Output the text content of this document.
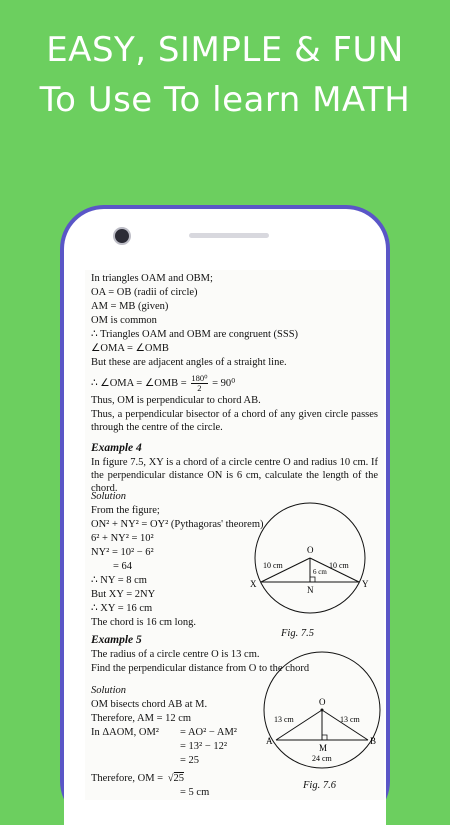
EASY, SIMPLE & FUN
To Use To learn MATH
In triangles OAM and OBM;
OA = OB (radii of circle)
AM = MB (given)
OM is common
∴ Triangles OAM and OBM are congruent (SSS)
∠OMA = ∠OMB
But these are adjacent angles of a straight line.
∴ ∠OMA = ∠OMB = $\frac{\text{180⁰}}{2} = 90^0$
Thus, OM is perpendicular to chord AB.
Thus, a perpendicular bisector of a chord of any given circle passes through the centre of the circle.
Example 4
In figure 7.5, XY is a chord of a circle centre O and radius 10 cm. If the perpendicular distance ON is 6 cm, calculate the length of the chord.
Solution
From the figure;
ON² + NY² = OY² (Pythagoras' theorem)
6² + NY² = 10²
NY² = 10² − 6²
= 64
∴ NY = 8 cm
But XY = 2NY
∴ XY = 16 cm
The chord is 16 cm long.
O
X	Y
N
10 cm	10 cm
6 cm
Fig. 7.5
Example 5
The radius of a circle centre O is 13 cm.
Find the perpendicular distance from O to the chord
Solution
OM bisects chord AB at M.
Therefore, AM = 12 cm
In ΔAOM, OM² = AO² − AM²
= 13² − 12²
= 25
Therefore, OM = √25
= 5 cm
O
A	B
M
13 cm	13 cm
24 cm
Fig. 7.6
